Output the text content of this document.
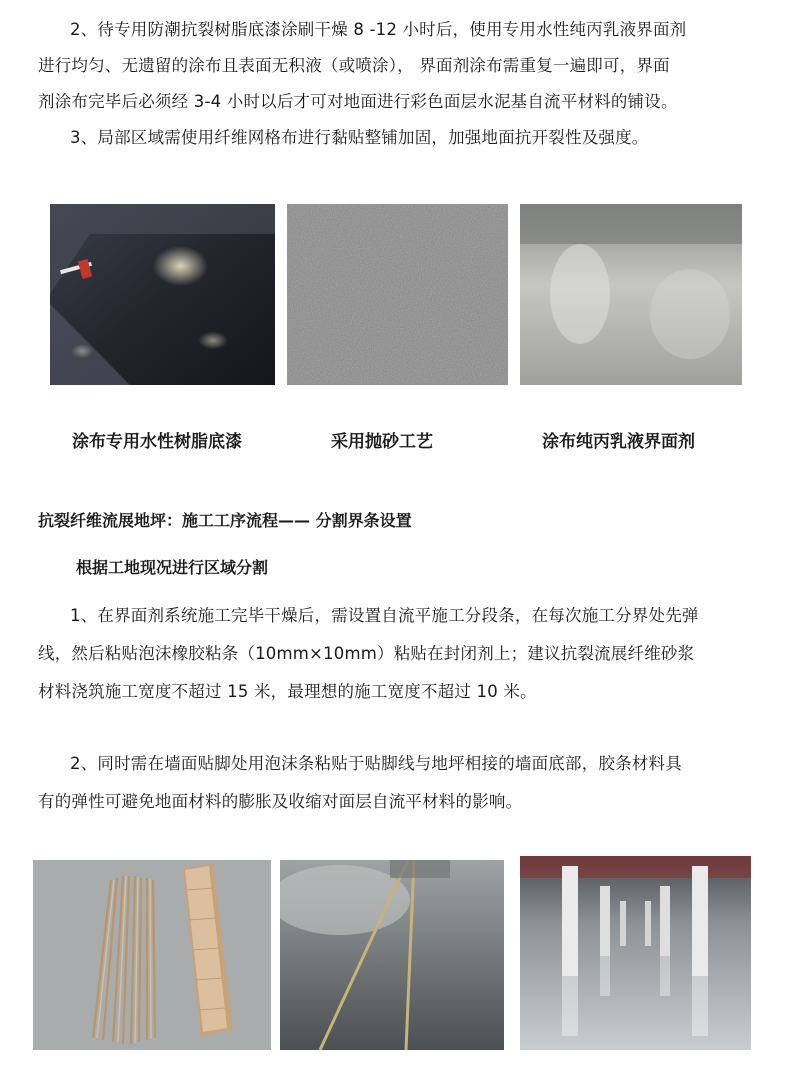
2、待专用防潮抗裂树脂底漆涂刷干燥 8 -12 小时后，使用专用水性纯丙乳液界面剂
进行均匀、无遗留的涂布且表面无积液（或喷涂）， 界面剂涂布需重复一遍即可，界面
剂涂布完毕后必须经 3-4 小时以后才可对地面进行彩色面层水泥基自流平材料的铺设。
3、局部区域需使用纤维网格布进行黏贴整铺加固，加强地面抗开裂性及强度。
涂布专用水性树脂底漆	采用抛砂工艺	涂布纯丙乳液界面剂
抗裂纤维流展地坪：施工工序流程—— 分割界条设置
根据工地现况进行区域分割
1、在界面剂系统施工完毕干燥后，需设置自流平施工分段条，在每次施工分界处先弹
线，然后粘贴泡沫橡胶粘条（10mm×10mm）粘贴在封闭剂上；建议抗裂流展纤维砂浆
材料浇筑施工宽度不超过 15 米，最理想的施工宽度不超过 10 米。
2、同时需在墙面贴脚处用泡沫条粘贴于贴脚线与地坪相接的墙面底部，胶条材料具
有的弹性可避免地面材料的膨胀及收缩对面层自流平材料的影响。
